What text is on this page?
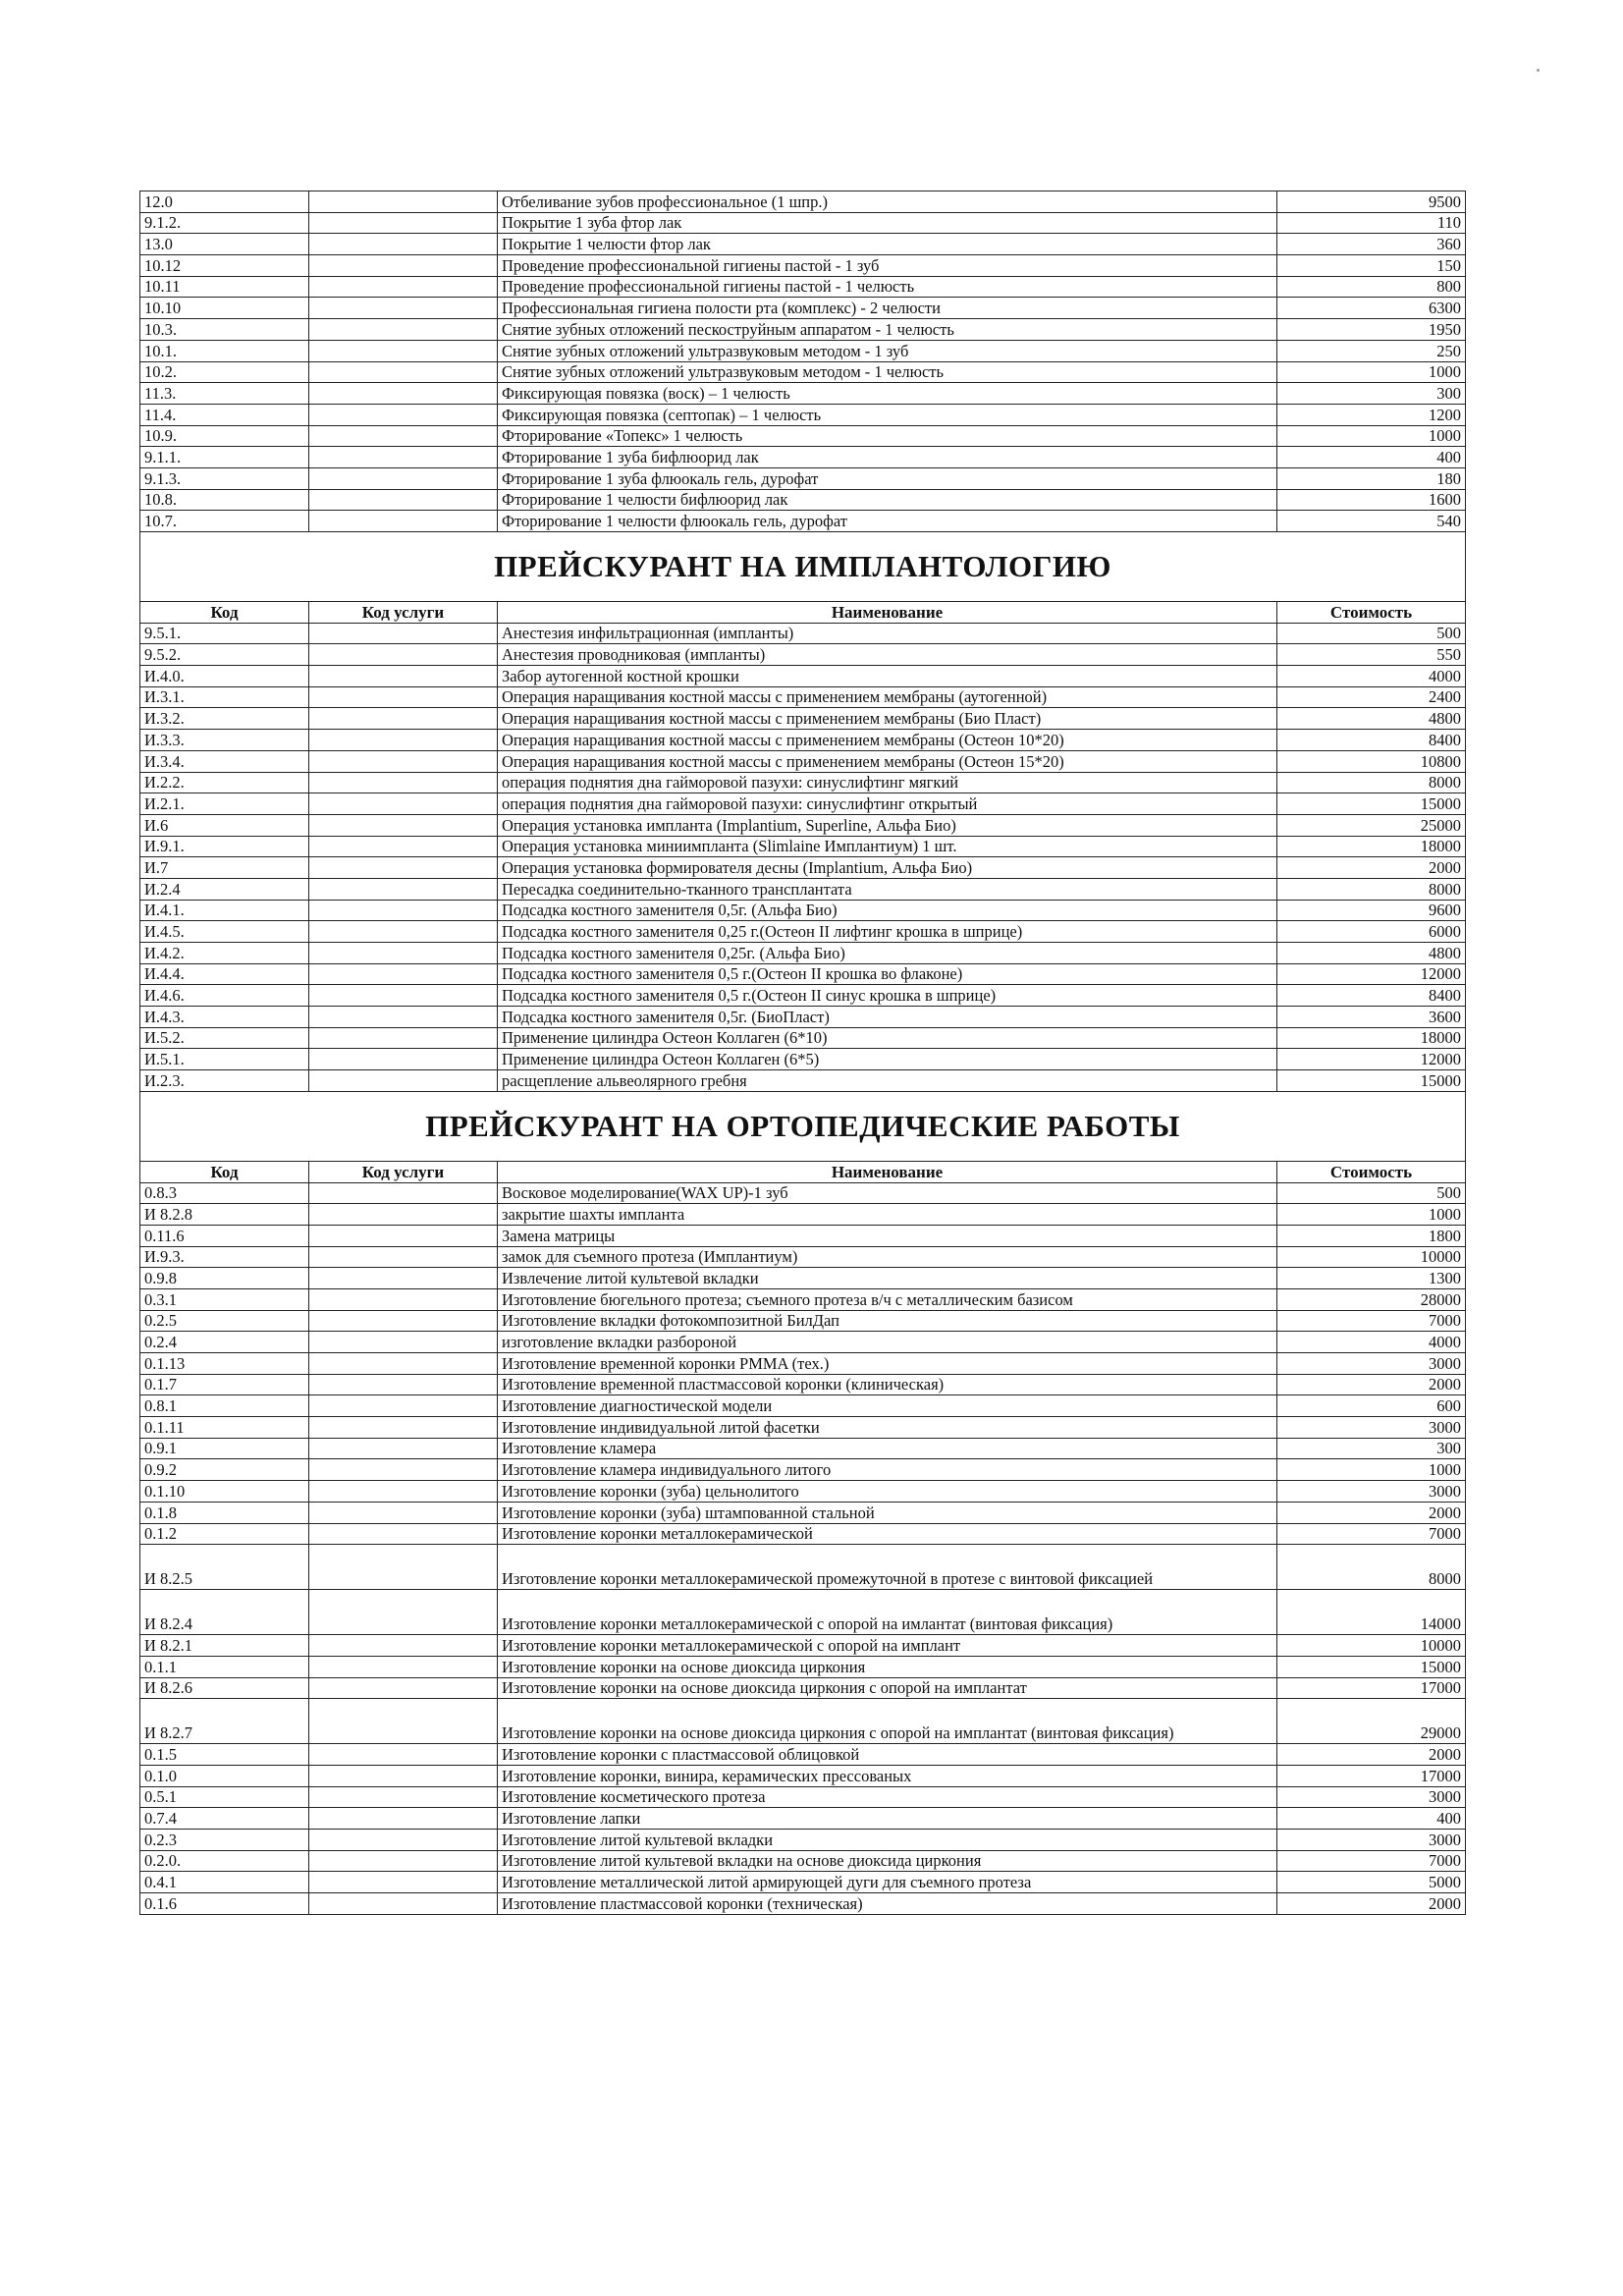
12.0		Отбеливание зубов профессиональное (1 шпр.)	9500
9.1.2.		Покрытие 1 зуба фтор лак	110
13.0		Покрытие 1 челюсти фтор лак	360
10.12		Проведение профессиональной гигиены пастой - 1 зуб	150
10.11		Проведение профессиональной гигиены пастой - 1 челюсть	800
10.10		Профессиональная гигиена полости рта (комплекс) - 2 челюсти	6300
10.3.		Снятие зубных отложений пескоструйным аппаратом - 1 челюсть	1950
10.1.		Снятие зубных отложений ультразвуковым методом - 1 зуб	250
10.2.		Снятие зубных отложений ультразвуковым методом - 1 челюсть	1000
11.3.		Фиксирующая повязка (воск) – 1 челюсть	300
11.4.		Фиксирующая повязка (септопак) – 1 челюсть	1200
10.9.		Фторирование «Топекс» 1 челюсть	1000
9.1.1.		Фторирование 1 зуба бифлюорид лак	400
9.1.3.		Фторирование 1 зуба флюокаль гель, дурофат	180
10.8.		Фторирование 1 челюсти бифлюорид лак	1600
10.7.		Фторирование 1 челюсти флюокаль гель, дурофат	540
ПРЕЙСКУРАНТ НА ИМПЛАНТОЛОГИЮ			
Код	Код услуги	Наименование	Стоимость
9.5.1.		Анестезия инфильтрационная (импланты)	500
9.5.2.		Анестезия проводниковая (импланты)	550
И.4.0.		Забор аутогенной костной крошки	4000
И.3.1.		Операция наращивания костной массы с применением мембраны (аутогенной)	2400
И.3.2.		Операция наращивания костной массы с применением мембраны (Био Пласт)	4800
И.3.3.		Операция наращивания костной массы с применением мембраны (Остеон 10*20)	8400
И.3.4.		Операция наращивания костной массы с применением мембраны (Остеон 15*20)	10800
И.2.2.		операция поднятия дна гайморовой пазухи: синуслифтинг мягкий	8000
И.2.1.		операция поднятия дна гайморовой пазухи: синуслифтинг открытый	15000
И.6		Операция установка импланта (Implantium, Superline, Альфа Био)	25000
И.9.1.		Операция установка миниимпланта (Slimlaine Имплантиум) 1 шт.	18000
И.7		Операция установка формирователя десны (Implantium, Альфа Био)	2000
И.2.4		Пересадка соединительно-тканного трансплантата	8000
И.4.1.		Подсадка костного заменителя 0,5г. (Альфа Био)	9600
И.4.5.		Подсадка костного заменителя 0,25 г.(Остеон II лифтинг крошка в шприце)	6000
И.4.2.		Подсадка костного заменителя 0,25г. (Альфа Био)	4800
И.4.4.		Подсадка костного заменителя 0,5 г.(Остеон II крошка во флаконе)	12000
И.4.6.		Подсадка костного заменителя 0,5 г.(Остеон II синус крошка в шприце)	8400
И.4.3.		Подсадка костного заменителя 0,5г. (БиоПласт)	3600
И.5.2.		Применение цилиндра Остеон Коллаген (6*10)	18000
И.5.1.		Применение цилиндра Остеон Коллаген (6*5)	12000
И.2.3.		расщепление альвеолярного гребня	15000
ПРЕЙСКУРАНТ НА ОРТОПЕДИЧЕСКИЕ РАБОТЫ			
Код	Код услуги	Наименование	Стоимость
0.8.3		Восковое моделирование(WAX UP)-1 зуб	500
И 8.2.8		закрытие шахты импланта	1000
0.11.6		Замена матрицы	1800
И.9.3.		замок для съемного протеза (Имплантиум)	10000
0.9.8		Извлечение литой культевой вкладки	1300
0.3.1		Изготовление бюгельного протеза; съемного протеза в/ч с металлическим базисом	28000
0.2.5		Изготовление вкладки фотокомпозитной БилДап	7000
0.2.4		изготовление вкладки разбороной	4000
0.1.13		Изготовление временной коронки PMMA (тех.)	3000
0.1.7		Изготовление временной пластмассовой коронки (клиническая)	2000
0.8.1		Изготовление диагностической модели	600
0.1.11		Изготовление индивидуальной литой фасетки	3000
0.9.1		Изготовление кламера	300
0.9.2		Изготовление кламера индивидуального литого	1000
0.1.10		Изготовление коронки (зуба) цельнолитого	3000
0.1.8		Изготовление коронки (зуба) штампованной стальной	2000
0.1.2		Изготовление коронки металлокерамической	7000
И 8.2.5		Изготовление коронки металлокерамической промежуточной в протезе с винтовой фиксацией	8000
И 8.2.4		Изготовление коронки металлокерамической с опорой на имлантат (винтовая фиксация)	14000
И 8.2.1		Изготовление коронки металлокерамической с опорой на имплант	10000
0.1.1		Изготовление коронки на основе диоксида циркония	15000
И 8.2.6		Изготовление коронки на основе диоксида циркония с опорой на имплантат	17000
И 8.2.7		Изготовление коронки на основе диоксида циркония с опорой на имплантат (винтовая фиксация)	29000
0.1.5		Изготовление коронки с пластмассовой облицовкой	2000
0.1.0		Изготовление коронки, винира, керамических прессованых	17000
0.5.1		Изготовление косметического протеза	3000
0.7.4		Изготовление лапки	400
0.2.3		Изготовление литой культевой вкладки	3000
0.2.0.		Изготовление литой культевой вкладки на основе диоксида циркония	7000
0.4.1		Изготовление металлической литой армирующей дуги для съемного протеза	5000
0.1.6		Изготовление пластмассовой коронки (техническая)	2000
